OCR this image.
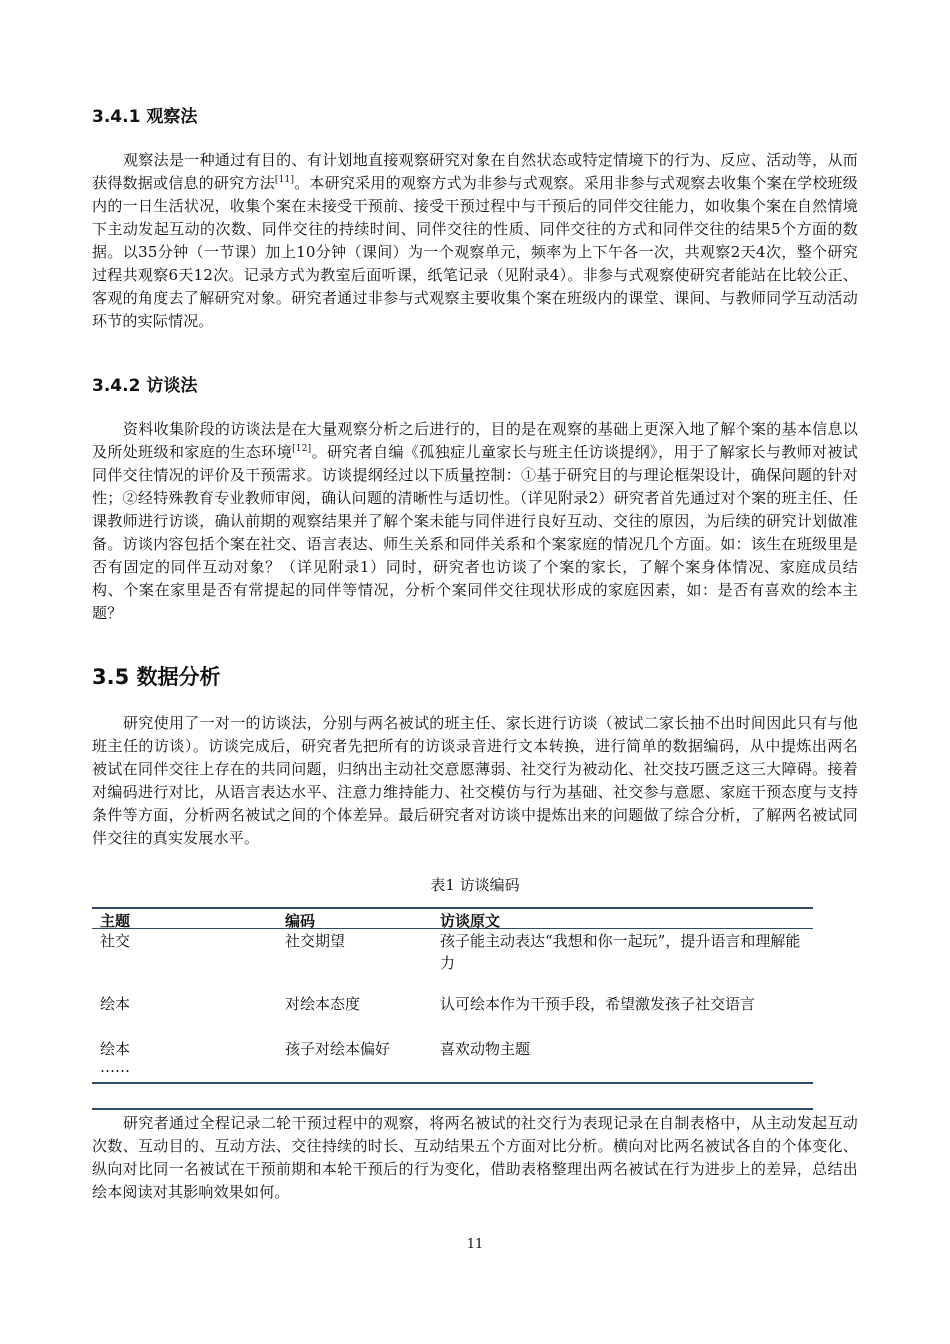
3.4.1 观察法

观察法是一种通过有目的、有计划地直接观察研究对象在自然状态或特定情境下的行为、反应、活动等，从而获得数据或信息的研究方法[11]。本研究采用的观察方式为非参与式观察。采用非参与式观察去收集个案在学校班级内的一日生活状况，收集个案在未接受干预前、接受干预过程中与干预后的同伴交往能力，如收集个案在自然情境下主动发起互动的次数、同伴交往的持续时间、同伴交往的性质、同伴交往的方式和同伴交往的结果5个方面的数据。以35分钟（一节课）加上10分钟（课间）为一个观察单元，频率为上下午各一次，共观察2天4次，整个研究过程共观察6天12次。记录方式为教室后面听课，纸笔记录（见附录4）。非参与式观察使研究者能站在比较公正、客观的角度去了解研究对象。研究者通过非参与式观察主要收集个案在班级内的课堂、课间、与教师同学互动活动环节的实际情况。

3.4.2 访谈法

资料收集阶段的访谈法是在大量观察分析之后进行的，目的是在观察的基础上更深入地了解个案的基本信息以及所处班级和家庭的生态环境[12]。研究者自编《孤独症儿童家长与班主任访谈提纲》，用于了解家长与教师对被试同伴交往情况的评价及干预需求。访谈提纲经过以下质量控制：①基于研究目的与理论框架设计，确保问题的针对性；②经特殊教育专业教师审阅，确认问题的清晰性与适切性。（详见附录2）研究者首先通过对个案的班主任、任课教师进行访谈，确认前期的观察结果并了解个案未能与同伴进行良好互动、交往的原因，为后续的研究计划做准备。访谈内容包括个案在社交、语言表达、师生关系和同伴关系和个案家庭的情况几个方面。如：该生在班级里是否有固定的同伴互动对象？（详见附录1）同时，研究者也访谈了个案的家长，了解个案身体情况、家庭成员结构、个案在家里是否有常提起的同伴等情况，分析个案同伴交往现状形成的家庭因素，如：是否有喜欢的绘本主题？

3.5 数据分析

研究使用了一对一的访谈法，分别与两名被试的班主任、家长进行访谈（被试二家长抽不出时间因此只有与他班主任的访谈）。访谈完成后，研究者先把所有的访谈录音进行文本转换，进行简单的数据编码，从中提炼出两名被试在同伴交往上存在的共同问题，归纳出主动社交意愿薄弱、社交行为被动化、社交技巧匮乏这三大障碍。接着对编码进行对比，从语言表达水平、注意力维持能力、社交模仿与行为基础、社交参与意愿、家庭干预态度与支持条件等方面，分析两名被试之间的个体差异。最后研究者对访谈中提炼出来的问题做了综合分析，了解两名被试同伴交往的真实发展水平。

表1 访谈编码

主题	编码	访谈原文
社交	社交期望	孩子能主动表达“我想和你一起玩”，提升语言和理解能力
绘本	对绘本态度	认可绘本作为干预手段，希望激发孩子社交语言
绘本	孩子对绘本偏好	喜欢动物主题
……

研究者通过全程记录二轮干预过程中的观察，将两名被试的社交行为表现记录在自制表格中，从主动发起互动次数、互动目的、互动方法、交往持续的时长、互动结果五个方面对比分析。横向对比两名被试各自的个体变化、纵向对比同一名被试在干预前期和本轮干预后的行为变化，借助表格整理出两名被试在行为进步上的差异，总结出绘本阅读对其影响效果如何。

11
